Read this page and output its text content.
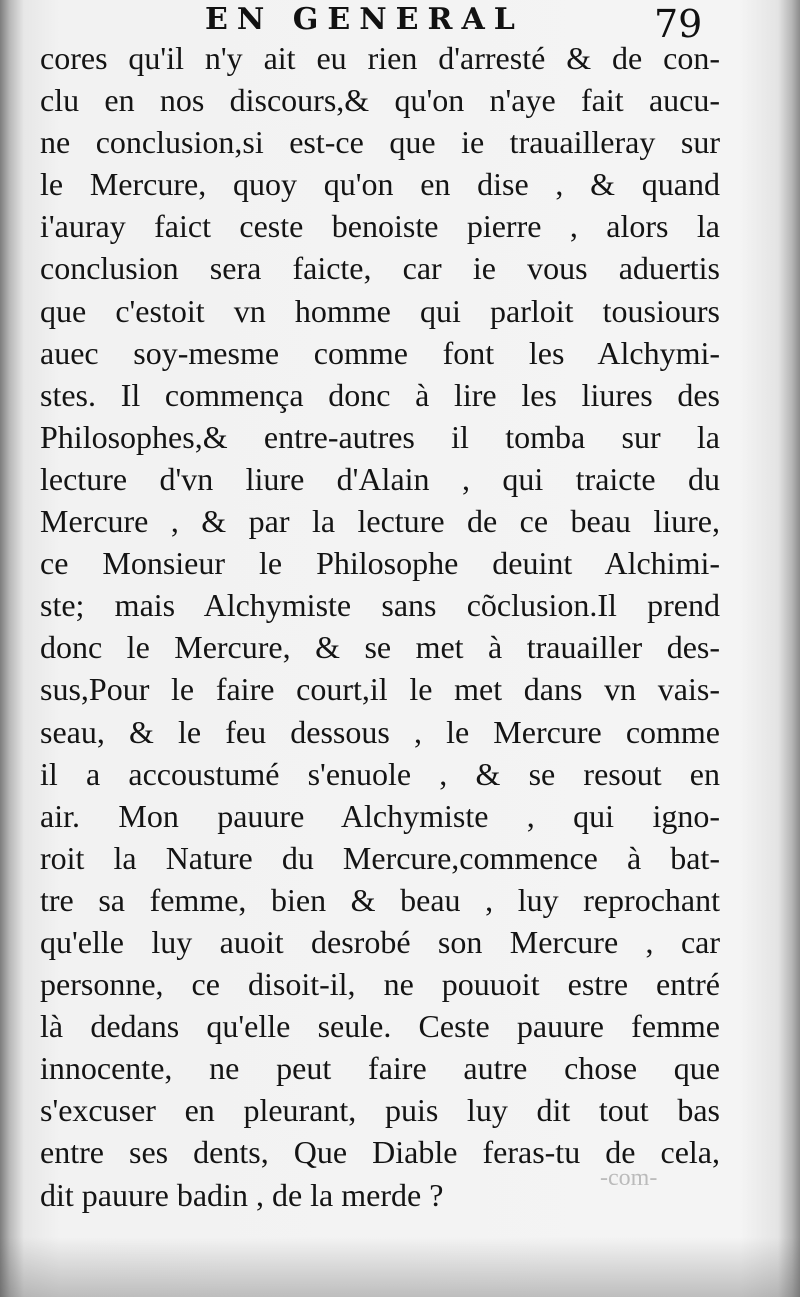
EN GENERAL	79
cores qu'il n'y ait eu rien d'arresté & de con-
clu en nos discours,& qu'on n'aye fait aucu-
ne conclusion,si est-ce que ie trauailleray sur
le Mercure, quoy qu'on en dise , & quand
i'auray faict ceste benoiste pierre , alors la
conclusion sera faicte, car ie vous aduertis
que c'estoit vn homme qui parloit tousiours
auec soy-mesme comme font les Alchymi-
stes. Il commença donc à lire les liures des
Philosophes,& entre-autres il tomba sur la
lecture d'vn liure d'Alain , qui traicte du
Mercure , & par la lecture de ce beau liure,
ce Monsieur le Philosophe deuint Alchimi-
ste; mais Alchymiste sans cõclusion.Il prend
donc le Mercure, & se met à trauailler des-
sus,Pour le faire court,il le met dans vn vais-
seau, & le feu dessous , le Mercure comme
il a accoustumé s'enuole , & se resout en
air. Mon pauure Alchymiste , qui igno-
roit la Nature du Mercure,commence à bat-
tre sa femme, bien & beau , luy reprochant
qu'elle luy auoit desrobé son Mercure , car
personne, ce disoit-il, ne pouuoit estre entré
là dedans qu'elle seule. Ceste pauure femme
innocente, ne peut faire autre chose que
s'excuser en pleurant, puis luy dit tout bas
entre ses dents, Que Diable feras-tu de cela,
dit pauure badin , de la merde ?	-com-
